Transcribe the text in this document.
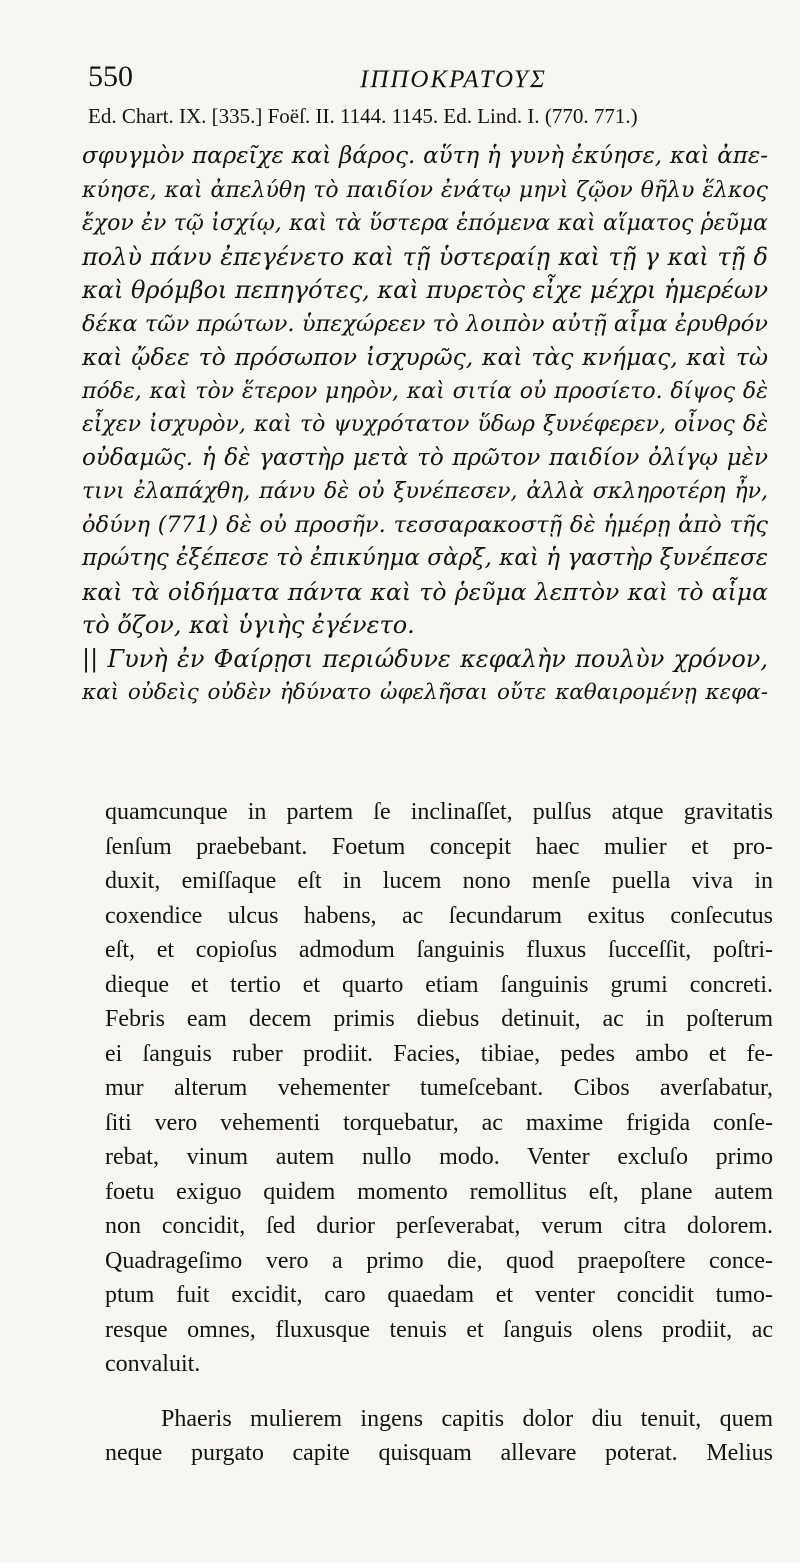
550	ΙΠΠΟΚΡΑΤΟΥΣ
Ed. Chart. IX. [335.] Foëſ. II. 1144. 1145. Ed. Lind. I. (770. 771.)
σφυγμὸν παρεῖχε καὶ βάρος. αὕτη ἡ γυνὴ ἐκύησε, καὶ ἀπε-
κύησε, καὶ ἀπελύθη τὸ παιδίον ἐνάτῳ μηνὶ ζῷον θῆλυ ἕλκος
ἔχον ἐν τῷ ἰσχίῳ, καὶ τὰ ὕστερα ἑπόμενα καὶ αἵματος ῥεῦμα
πολὺ πάνυ ἐπεγένετο καὶ τῇ ὑστεραίῃ καὶ τῇ γ καὶ τῇ δ
καὶ θρόμβοι πεπηγότες, καὶ πυρετὸς εἶχε μέχρι ἡμερέων
δέκα τῶν πρώτων. ὑπεχώρεεν τὸ λοιπὸν αὐτῇ αἷμα ἐρυθρόν
καὶ ᾤδεε τὸ πρόσωπον ἰσχυρῶς, καὶ τὰς κνήμας, καὶ τὼ
πόδε, καὶ τὸν ἕτερον μηρὸν, καὶ σιτία οὐ προσίετο. δίψος δὲ
εἶχεν ἰσχυρὸν, καὶ τὸ ψυχρότατον ὕδωρ ξυνέφερεν, οἶνος δὲ
οὐδαμῶς. ἡ δὲ γαστὴρ μετὰ τὸ πρῶτον παιδίον ὀλίγῳ μὲν
τινι ἐλαπάχθη, πάνυ δὲ οὐ ξυνέπεσεν, ἀλλὰ σκληροτέρη ἦν,
ὀδύνη (771) δὲ οὐ προσῆν. τεσσαρακοστῇ δὲ ἡμέρῃ ἀπὸ τῆς
πρώτης ἐξέπεσε τὸ ἐπικύημα σὰρξ, καὶ ἡ γαστὴρ ξυνέπεσε
καὶ τὰ οἰδήματα πάντα καὶ τὸ ῥεῦμα λεπτὸν καὶ τὸ αἷμα
τὸ ὄζον, καὶ ὑγιὴς ἐγένετο.
|| Γυνὴ ἐν Φαίρῃσι περιώδυνε κεφαλὴν πουλὺν χρόνον,
καὶ οὐδεὶς οὐδὲν ἠδύνατο ὠφελῆσαι οὔτε καθαιρομένῃ κεφα-
quamcunque in partem ſe inclinaſſet, pulſus atque gravitatis
ſenſum praebebant. Foetum concepit haec mulier et pro-
duxit, emiſſaque eſt in lucem nono menſe puella viva in
coxendice ulcus habens, ac ſecundarum exitus conſecutus
eſt, et copioſus admodum ſanguinis fluxus ſucceſſit, poſtri-
dieque et tertio et quarto etiam ſanguinis grumi concreti.
Febris eam decem primis diebus detinuit, ac in poſterum
ei ſanguis ruber prodiit. Facies, tibiae, pedes ambo et fe-
mur alterum vehementer tumeſcebant. Cibos averſabatur,
ſiti vero vehementi torquebatur, ac maxime frigida conſe-
rebat, vinum autem nullo modo. Venter excluſo primo
foetu exiguo quidem momento remollitus eſt, plane autem
non concidit, ſed durior perſeverabat, verum citra dolorem.
Quadrageſimo vero a primo die, quod praepoſtere conce-
ptum fuit excidit, caro quaedam et venter concidit tumo-
resque omnes, fluxusque tenuis et ſanguis olens prodiit, ac
convaluit.
Phaeris mulierem ingens capitis dolor diu tenuit, quem
neque purgato capite quisquam allevare poterat. Melius
